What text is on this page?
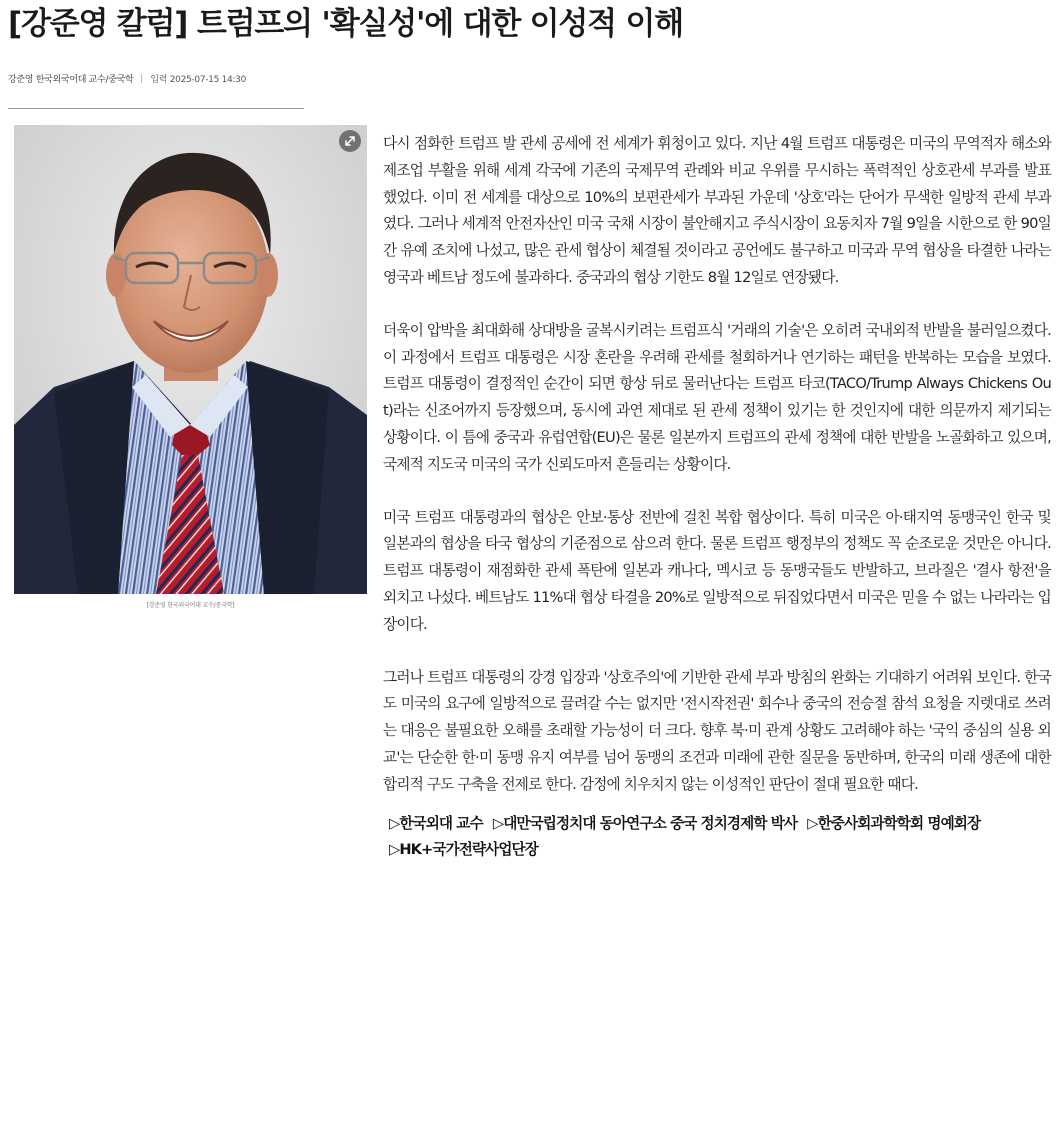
[강준영 칼럼] 트럼프의 '확실성'에 대한 이성적 이해
강준영 한국외국어대 교수/중국학 입력 2025-07-15 14:30
[강준영 한국외국어대 교수/중국학]

다시 점화한 트럼프 발 관세 공세에 전 세계가 휘청이고 있다. 지난 4월 트럼프 대통령은 미국의 무역적자 해소와 제조업 부활을 위해 세계 각국에 기존의 국제무역 관례와 비교 우위를 무시하는 폭력적인 상호관세 부과를 발표했었다. 이미 전 세계를 대상으로 10%의 보편관세가 부과된 가운데 '상호'라는 단어가 무색한 일방적 관세 부과였다. 그러나 세계적 안전자산인 미국 국채 시장이 불안해지고 주식시장이 요동치자 7월 9일을 시한으로 한 90일간 유예 조치에 나섰고, 많은 관세 협상이 체결될 것이라고 공언에도 불구하고 미국과 무역 협상을 타결한 나라는 영국과 베트남 정도에 불과하다. 중국과의 협상 기한도 8월 12일로 연장됐다.

더욱이 압박을 최대화해 상대방을 굴복시키려는 트럼프식 '거래의 기술'은 오히려 국내외적 반발을 불러일으켰다. 이 과정에서 트럼프 대통령은 시장 혼란을 우려해 관세를 철회하거나 연기하는 패턴을 반복하는 모습을 보였다. 트럼프 대통령이 결정적인 순간이 되면 항상 뒤로 물러난다는 트럼프 타코(TACO/Trump Always Chickens Out)라는 신조어까지 등장했으며, 동시에 과연 제대로 된 관세 정책이 있기는 한 것인지에 대한 의문까지 제기되는 상황이다. 이 틈에 중국과 유럽연합(EU)은 물론 일본까지 트럼프의 관세 정책에 대한 반발을 노골화하고 있으며, 국제적 지도국 미국의 국가 신뢰도마저 흔들리는 상황이다.

미국 트럼프 대통령과의 협상은 안보·통상 전반에 걸친 복합 협상이다. 특히 미국은 아·태지역 동맹국인 한국 및 일본과의 협상을 타국 협상의 기준점으로 삼으려 한다. 물론 트럼프 행정부의 정책도 꼭 순조로운 것만은 아니다. 트럼프 대통령이 재점화한 관세 폭탄에 일본과 캐나다, 멕시코 등 동맹국들도 반발하고, 브라질은 '결사 항전'을 외치고 나섰다. 베트남도 11%대 협상 타결을 20%로 일방적으로 뒤집었다면서 미국은 믿을 수 없는 나라라는 입장이다.

그러나 트럼프 대통령의 강경 입장과 '상호주의'에 기반한 관세 부과 방침의 완화는 기대하기 어려워 보인다. 한국도 미국의 요구에 일방적으로 끌려갈 수는 없지만 '전시작전권' 회수나 중국의 전승절 참석 요청을 지렛대로 쓰려는 대응은 불필요한 오해를 초래할 가능성이 더 크다. 향후 북·미 관계 상황도 고려해야 하는 '국익 중심의 실용 외교'는 단순한 한·미 동맹 유지 여부를 넘어 동맹의 조건과 미래에 관한 질문을 동반하며, 한국의 미래 생존에 대한 합리적 구도 구축을 전제로 한다. 감정에 치우치지 않는 이성적인 판단이 절대 필요한 때다.

▷한국외대 교수 ▷대만국립정치대 동아연구소 중국 정치경제학 박사 ▷한중사회과학학회 명예회장
▷HK+국가전략사업단장
